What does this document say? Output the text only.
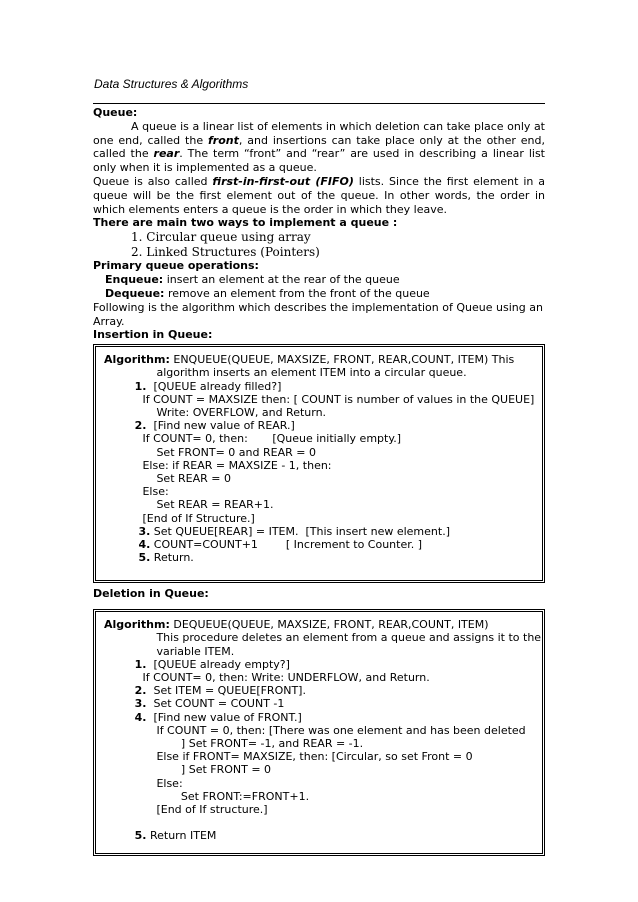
Data Structures & Algorithms

Queue:

A queue is a linear list of elements in which deletion can take place only at one end, called the front, and insertions can take place only at the other end, called the rear. The term “front” and “rear” are used in describing a linear list only when it is implemented as a queue.

Queue is also called first-in-first-out (FIFO) lists. Since the first element in a queue will be the first element out of the queue. In other words, the order in which elements enters a queue is the order in which they leave.

There are main two ways to implement a queue :

1. Circular queue using array

2. Linked Structures (Pointers)

Primary queue operations:

Enqueue: insert an element at the rear of the queue

Dequeue: remove an element from the front of the queue

Following is the algorithm which describes the implementation of Queue using an Array.

Insertion in Queue:

Algorithm: ENQUEUE(QUEUE, MAXSIZE, FRONT, REAR,COUNT, ITEM) This
algorithm inserts an element ITEM into a circular queue.
1.  [QUEUE already filled?]
If COUNT = MAXSIZE then: [ COUNT is number of values in the QUEUE]
Write: OVERFLOW, and Return.
2.  [Find new value of REAR.]
If COUNT= 0, then:       [Queue initially empty.]
Set FRONT= 0 and REAR = 0
Else: if REAR = MAXSIZE - 1, then:
Set REAR = 0
Else:
Set REAR = REAR+1.
[End of If Structure.]
3. Set QUEUE[REAR] = ITEM.  [This insert new element.]
4. COUNT=COUNT+1        [ Increment to Counter. ]
5. Return.

Deletion in Queue:

Algorithm: DEQUEUE(QUEUE, MAXSIZE, FRONT, REAR,COUNT, ITEM)
This procedure deletes an element from a queue and assigns it to the
variable ITEM.
1.  [QUEUE already empty?]
If COUNT= 0, then: Write: UNDERFLOW, and Return.
2.  Set ITEM = QUEUE[FRONT].
3.  Set COUNT = COUNT -1
4.  [Find new value of FRONT.]
If COUNT = 0, then: [There was one element and has been deleted
] Set FRONT= -1, and REAR = -1.
Else if FRONT= MAXSIZE, then: [Circular, so set Front = 0
] Set FRONT = 0
Else:
Set FRONT:=FRONT+1.
[End of If structure.]

5. Return ITEM
